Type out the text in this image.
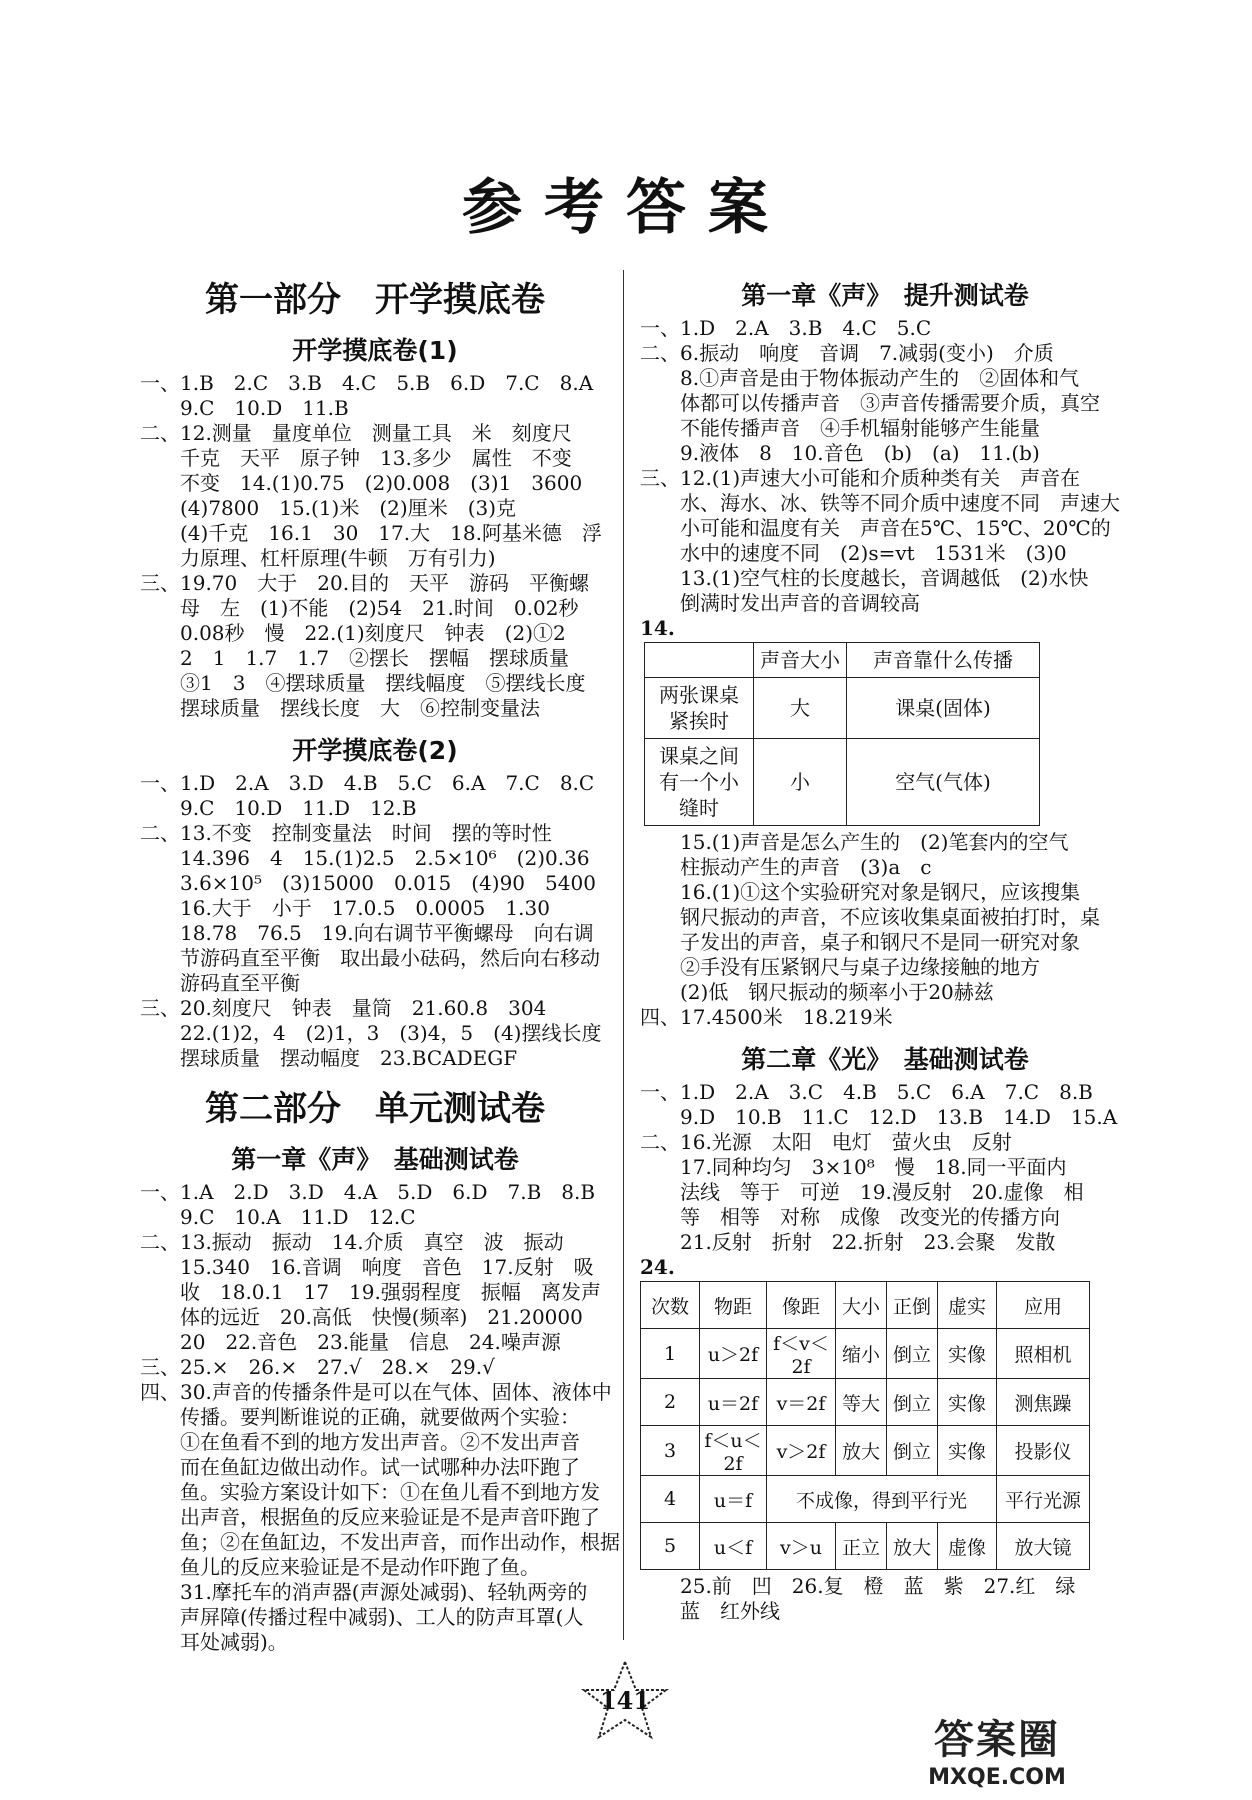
参考答案
第一部分　开学摸底卷
开学摸底卷(1)
一、1.B　2.C　3.B　4.C　5.B　6.D　7.C　8.A
　　9.C　10.D　11.B
二、12.测量　量度单位　测量工具　米　刻度尺
　　千克　天平　原子钟　13.多少　属性　不变
　　不变　14.(1)0.75　(2)0.008　(3)1　3600
　　(4)7800　15.(1)米　(2)厘米　(3)克
　　(4)千克　16.1　30　17.大　18.阿基米德　浮
　　力原理、杠杆原理(牛顿　万有引力)
三、19.70　大于　20.目的　天平　游码　平衡螺
　　母　左　(1)不能　(2)54　21.时间　0.02秒
　　0.08秒　慢　22.(1)刻度尺　钟表　(2)①2
　　2　1　1.7　1.7　②摆长　摆幅　摆球质量
　　③1　3　④摆球质量　摆线幅度　⑤摆线长度
　　摆球质量　摆线长度　大　⑥控制变量法
开学摸底卷(2)
一、1.D　2.A　3.D　4.B　5.C　6.A　7.C　8.C
　　9.C　10.D　11.D　12.B
二、13.不变　控制变量法　时间　摆的等时性
　　14.396　4　15.(1)2.5　2.5×10⁶　(2)0.36
　　3.6×10⁵　(3)15000　0.015　(4)90　5400
　　16.大于　小于　17.0.5　0.0005　1.30
　　18.78　76.5　19.向右调节平衡螺母　向右调
　　节游码直至平衡　取出最小砝码，然后向右移动
　　游码直至平衡
三、20.刻度尺　钟表　量筒　21.60.8　304
　　22.(1)2，4　(2)1，3　(3)4，5　(4)摆线长度
　　摆球质量　摆动幅度　23.BCADEGF
第二部分　单元测试卷
第一章《声》　基础测试卷
一、1.A　2.D　3.D　4.A　5.D　6.D　7.B　8.B
　　9.C　10.A　11.D　12.C
二、13.振动　振动　14.介质　真空　波　振动
　　15.340　16.音调　响度　音色　17.反射　吸
　　收　18.0.1　17　19.强弱程度　振幅　离发声
　　体的远近　20.高低　快慢(频率)　21.20000
　　20　22.音色　23.能量　信息　24.噪声源
三、25.×　26.×　27.√　28.×　29.√
四、30.声音的传播条件是可以在气体、固体、液体中
　　传播。要判断谁说的正确，就要做两个实验：
　　①在鱼看不到的地方发出声音。②不发出声音
　　而在鱼缸边做出动作。试一试哪种办法吓跑了
　　鱼。实验方案设计如下：①在鱼儿看不到地方发
　　出声音，根据鱼的反应来验证是不是声音吓跑了
　　鱼；②在鱼缸边，不发出声音，而作出动作，根据
　　鱼儿的反应来验证是不是动作吓跑了鱼。
　　31.摩托车的消声器(声源处减弱)、轻轨两旁的
　　声屏障(传播过程中减弱)、工人的防声耳罩(人
　　耳处减弱)。
第一章《声》　提升测试卷
一、1.D　2.A　3.B　4.C　5.C
二、6.振动　响度　音调　7.减弱(变小)　介质
　　8.①声音是由于物体振动产生的　②固体和气
　　体都可以传播声音　③声音传播需要介质，真空
　　不能传播声音　④手机辐射能够产生能量
　　9.液体　8　10.音色　(b)　(a)　11.(b)
三、12.(1)声速大小可能和介质种类有关　声音在
　　水、海水、冰、铁等不同介质中速度不同　声速大
　　小可能和温度有关　声音在5℃、15℃、20℃的
　　水中的速度不同　(2)s=vt　1531米　(3)0
　　13.(1)空气柱的长度越长，音调越低　(2)水快
　　倒满时发出声音的音调较高
14.
	声音大小	声音靠什么传播
两张课桌紧挨时	大	课桌(固体)
课桌之间有一个小缝时	小	空气(气体)
　　15.(1)声音是怎么产生的　(2)笔套内的空气
　　柱振动产生的声音　(3)a　c
　　16.(1)①这个实验研究对象是钢尺，应该搜集
　　钢尺振动的声音，不应该收集桌面被拍打时，桌
　　子发出的声音，桌子和钢尺不是同一研究对象
　　②手没有压紧钢尺与桌子边缘接触的地方
　　(2)低　钢尺振动的频率小于20赫兹
四、17.4500米　18.219米
第二章《光》　基础测试卷
一、1.D　2.A　3.C　4.B　5.C　6.A　7.C　8.B
　　9.D　10.B　11.C　12.D　13.B　14.D　15.A
二、16.光源　太阳　电灯　萤火虫　反射
　　17.同种均匀　3×10⁸　慢　18.同一平面内
　　法线　等于　可逆　19.漫反射　20.虚像　相
　　等　相等　对称　成像　改变光的传播方向
　　21.反射　折射　22.折射　23.会聚　发散
24.
次数	物距	像距	大小	正倒	虚实	应用
1	u＞2f	f＜v＜2f	缩小	倒立	实像	照相机
2	u＝2f	v＝2f	等大	倒立	实像	测焦躁
3	f＜u＜2f	v＞2f	放大	倒立	实像	投影仪
4	u＝f	不成像，得到平行光				平行光源
5	u＜f	v＞u	正立	放大	虚像	放大镜
　　25.前　凹　26.复　橙　蓝　紫　27.红　绿
　　蓝　红外线
141
答案圈
MXQE.COM
